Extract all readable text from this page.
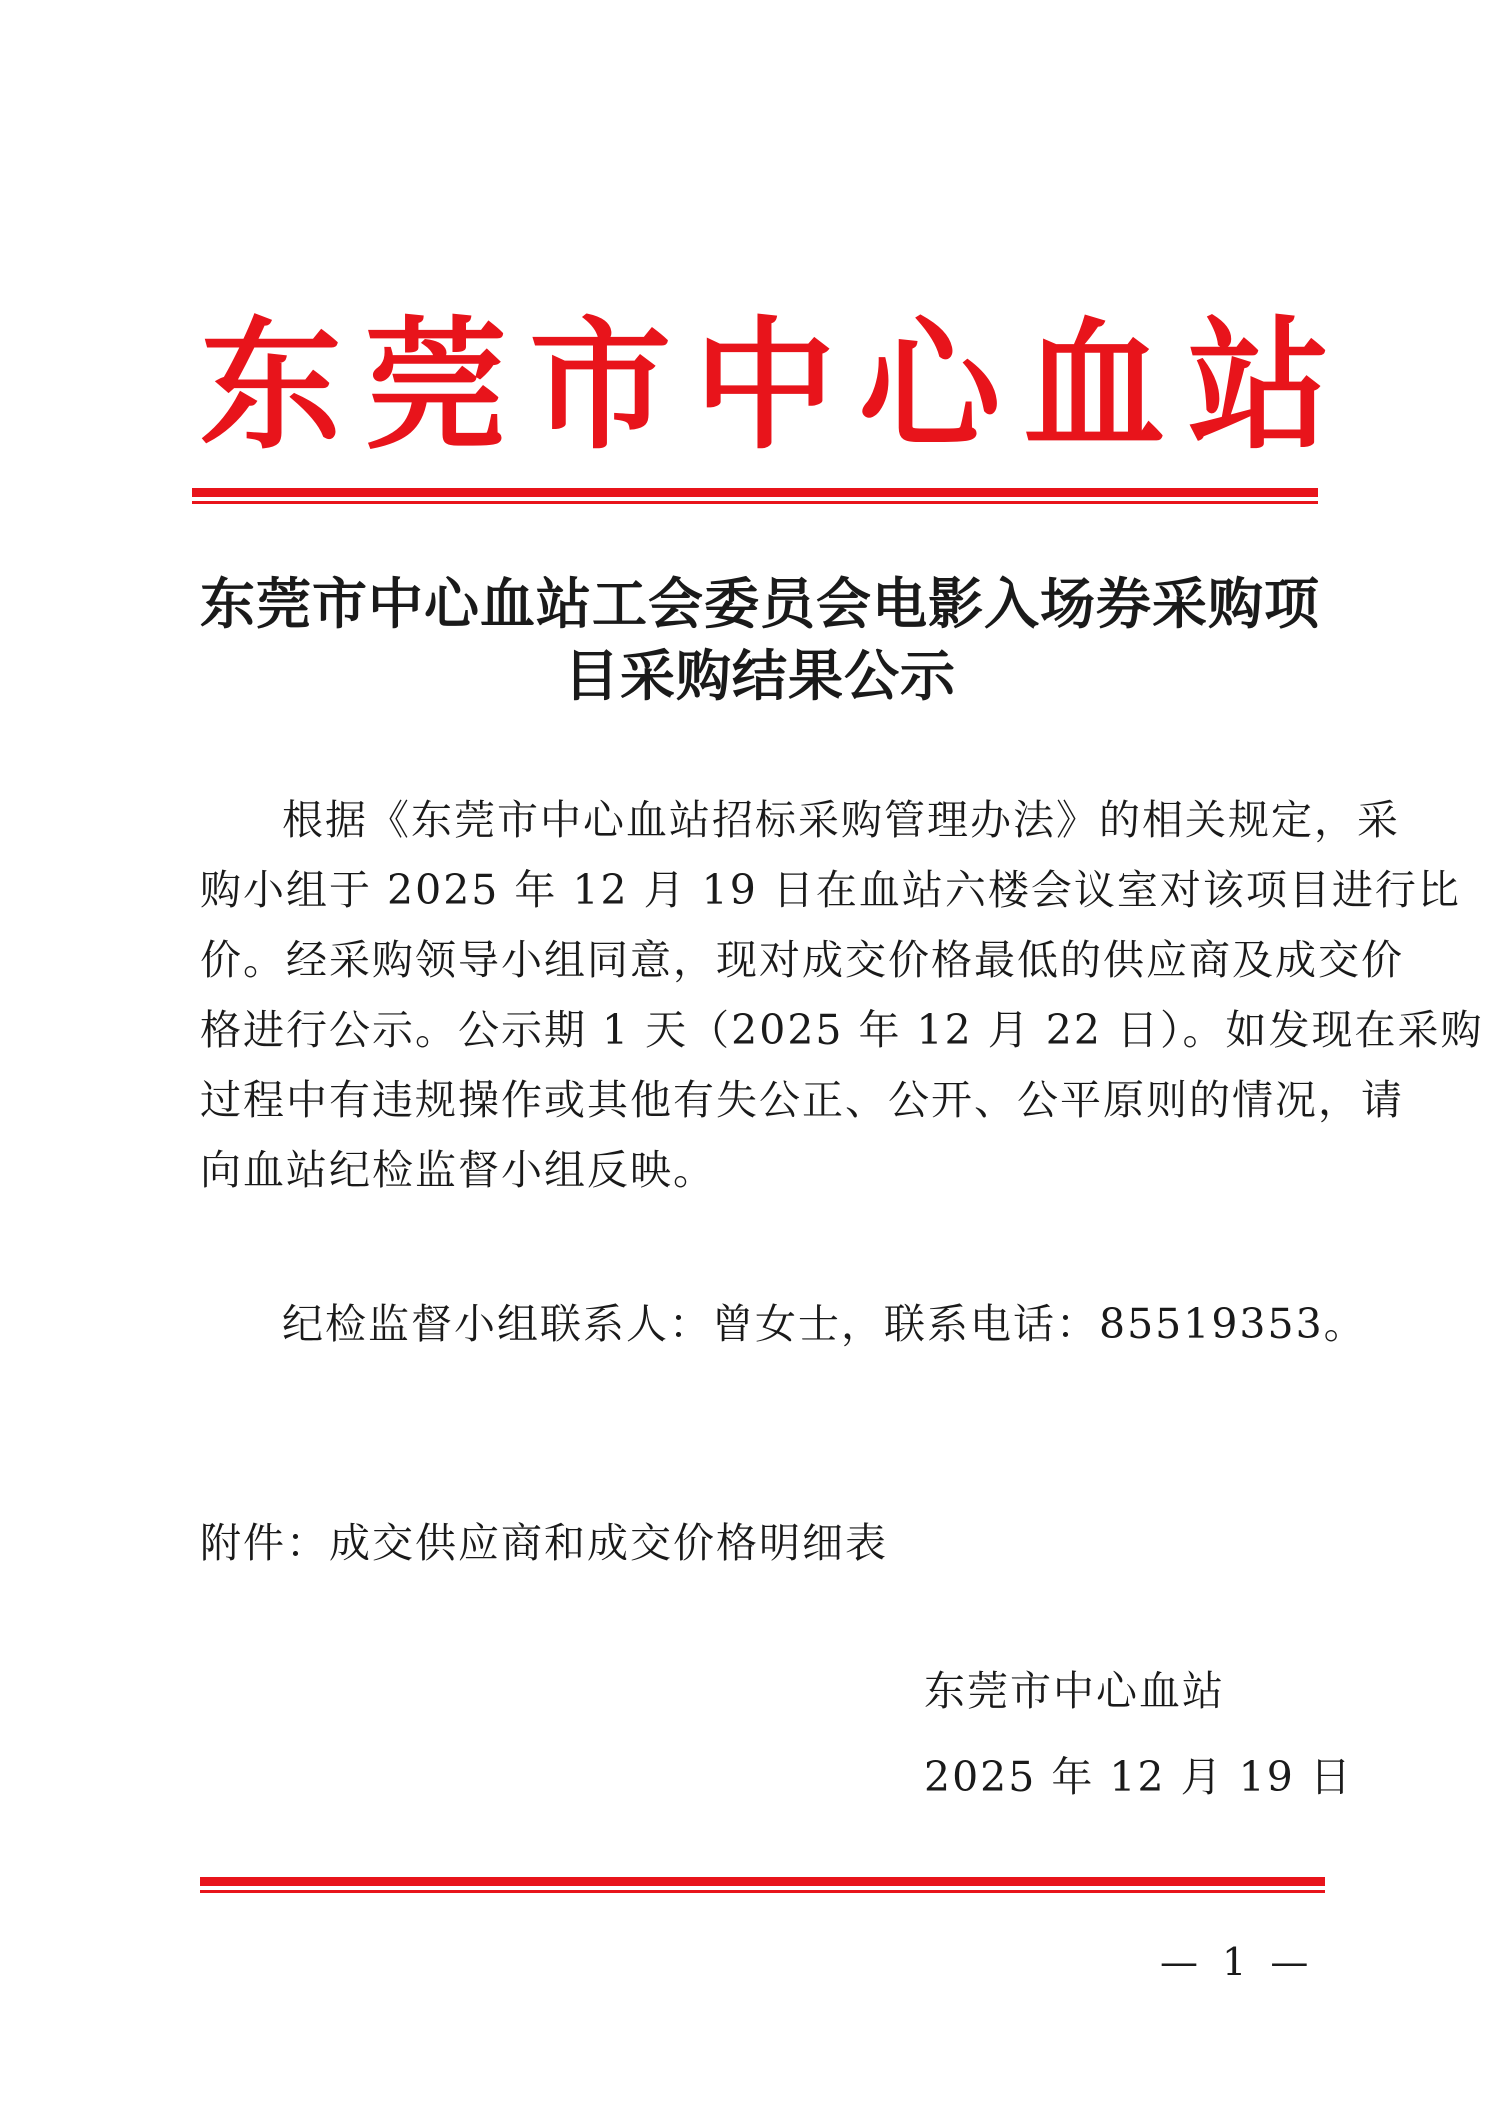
东 莞 市 中 心 血 站
东莞市中心血站工会委员会电影入场券采购项
目采购结果公示
根据《东莞市中心血站招标采购管理办法》的相关规定，采
购小组于 2025 年 12 月 19 日在血站六楼会议室对该项目进行比
价。经采购领导小组同意，现对成交价格最低的供应商及成交价
格进行公示。公示期 1 天（2025 年 12 月 22 日）。如发现在采购
过程中有违规操作或其他有失公正、公开、公平原则的情况，请
向血站纪检监督小组反映。
纪检监督小组联系人：曾女士，联系电话：85519353。
附件：成交供应商和成交价格明细表
东莞市中心血站
2025 年 12 月 19 日
— 1 —
